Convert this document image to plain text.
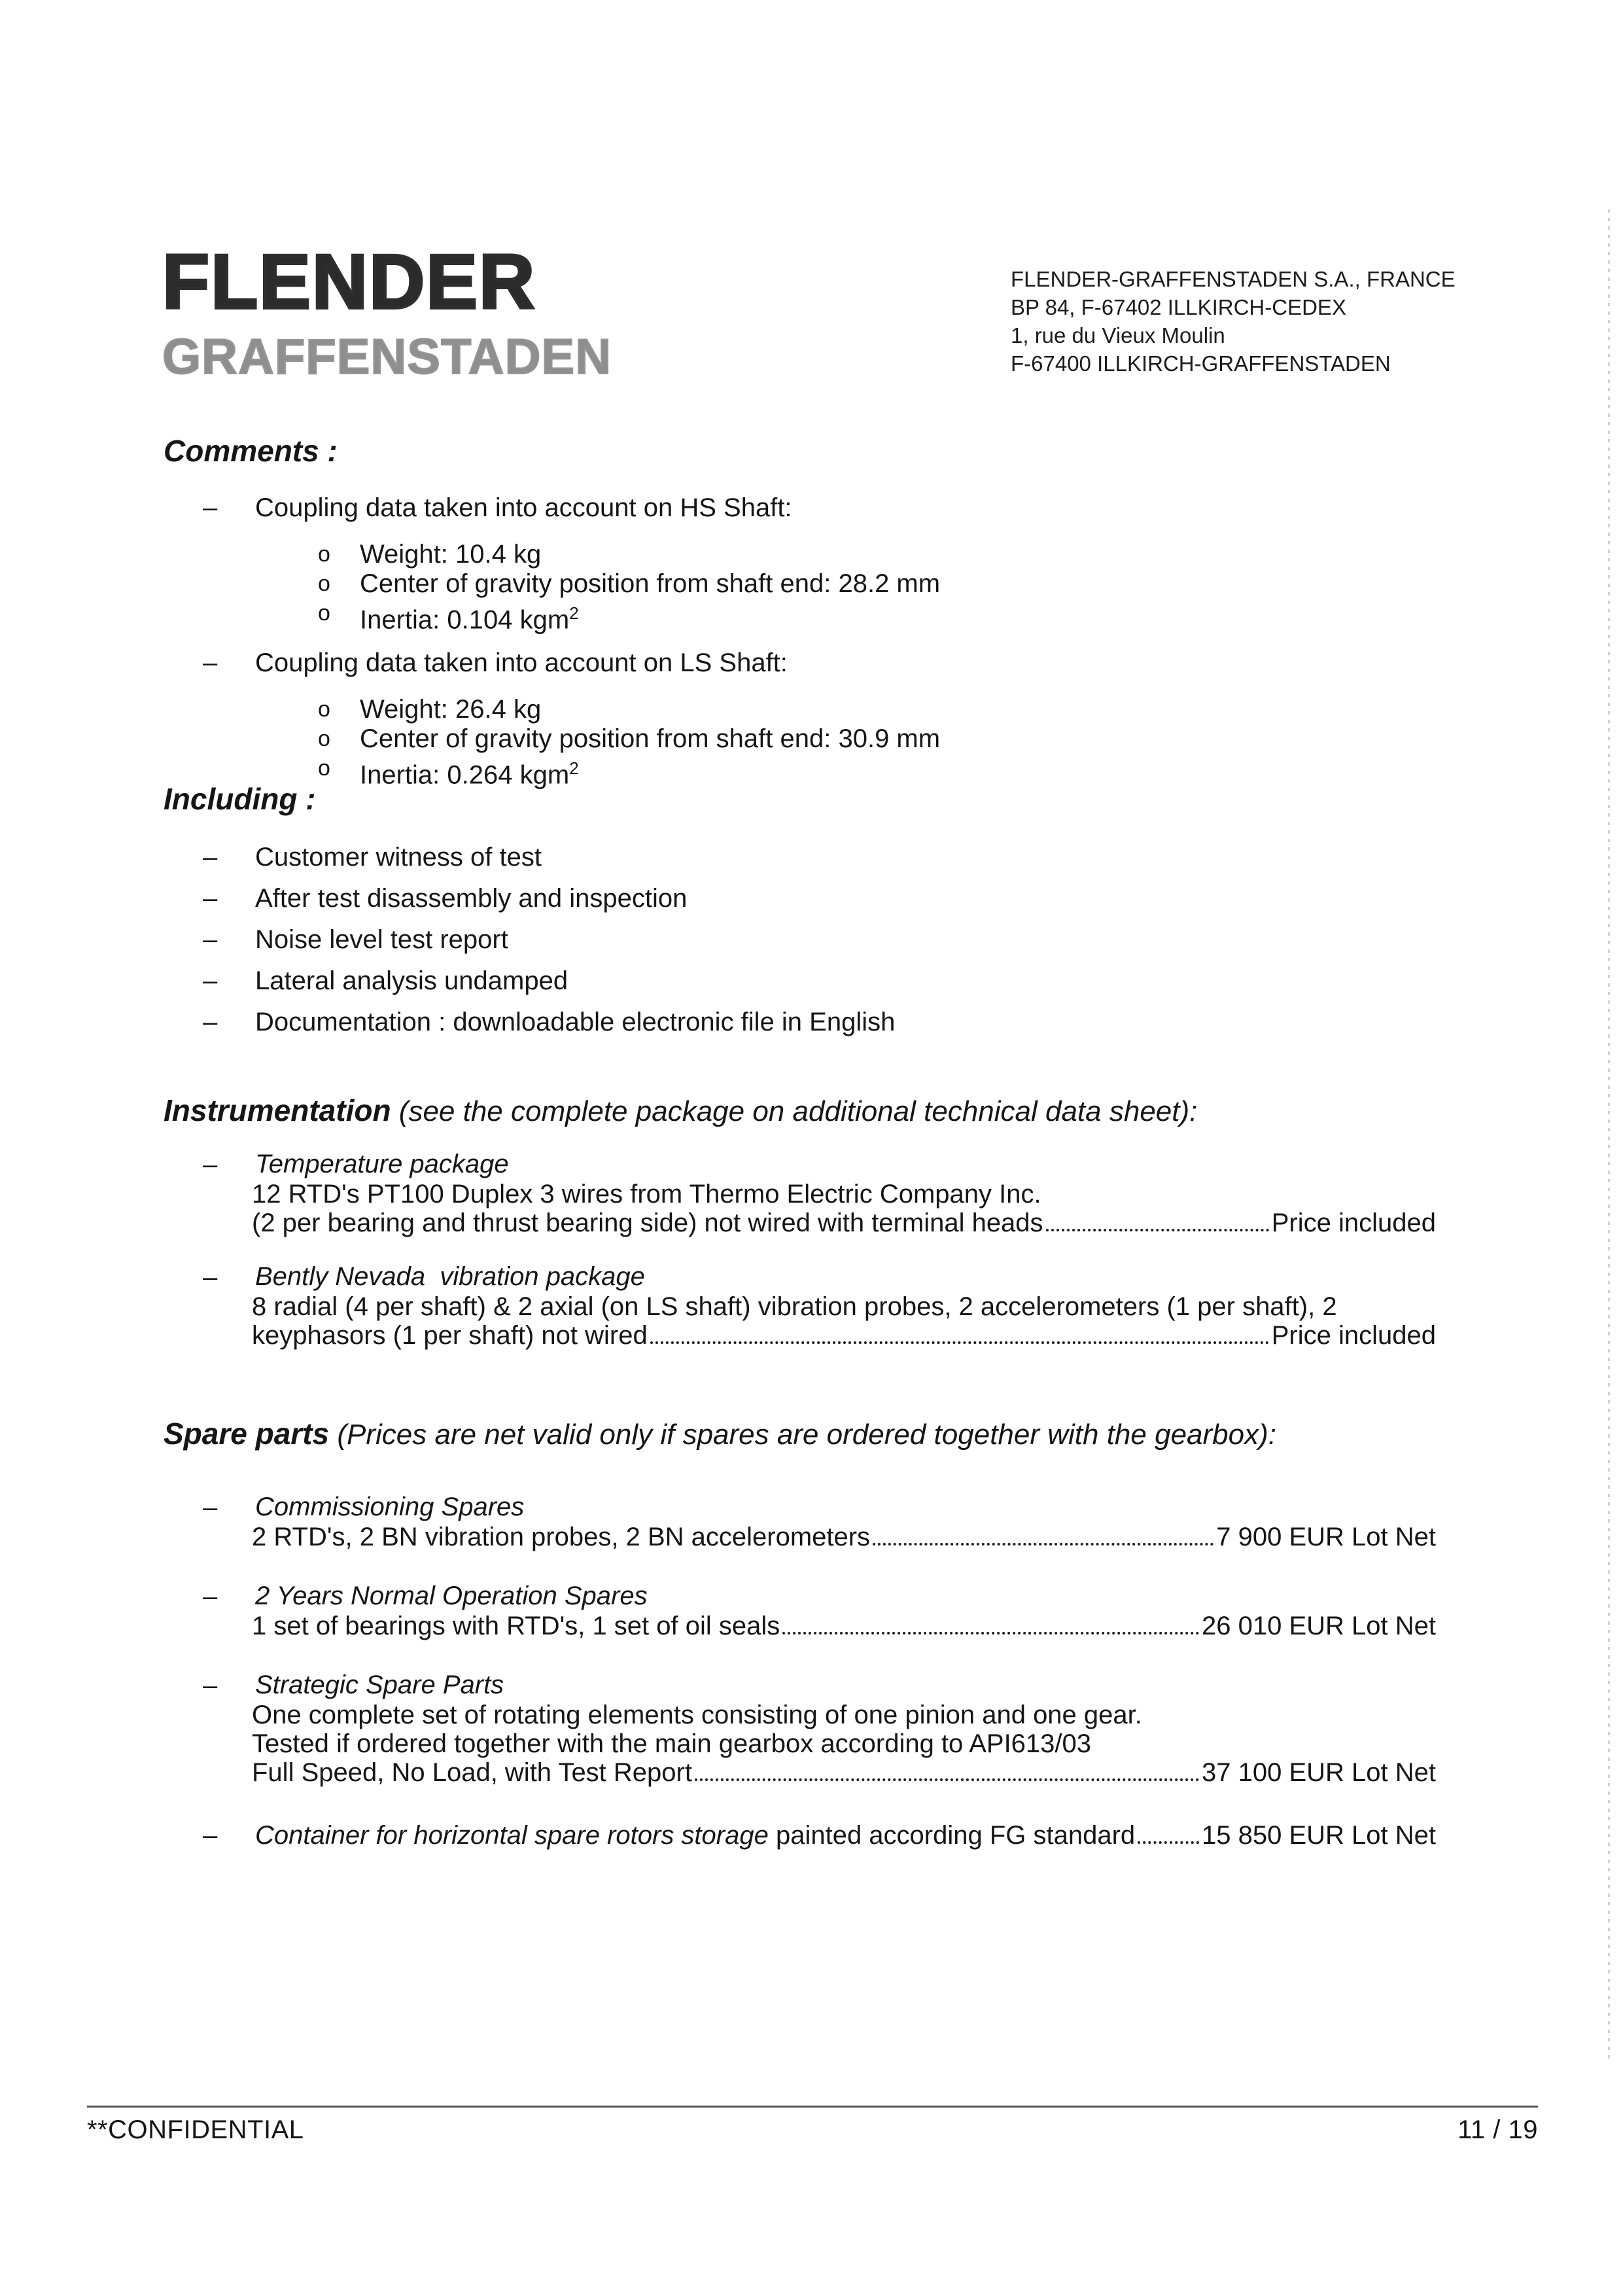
FLENDER
GRAFFENSTADEN
FLENDER-GRAFFENSTADEN S.A., FRANCE
BP 84, F-67402 ILLKIRCH-CEDEX
1, rue du Vieux Moulin
F-67400 ILLKIRCH-GRAFFENSTADEN
Comments :
–	Coupling data taken into account on HS Shaft:
o	Weight: 10.4 kg
o	Center of gravity position from shaft end: 28.2 mm
o	Inertia: 0.104 kgm$^2$
–	Coupling data taken into account on LS Shaft:
o	Weight: 26.4 kg
o	Center of gravity position from shaft end: 30.9 mm
o	Inertia: 0.264 kgm$^2$
Including :
–	Customer witness of test
–	After test disassembly and inspection
–	Noise level test report
–	Lateral analysis undamped
–	Documentation : downloadable electronic file in English
Instrumentation (see the complete package on additional technical data sheet):
–	Temperature package
12 RTD's PT100 Duplex 3 wires from Thermo Electric Company Inc.
(2 per bearing and thrust bearing side) not wired with terminal heads	Price included
–	Bently Nevada  vibration package
8 radial (4 per shaft) & 2 axial (on LS shaft) vibration probes, 2 accelerometers (1 per shaft), 2
keyphasors (1 per shaft) not wired	Price included
Spare parts (Prices are net valid only if spares are ordered together with the gearbox):
–	Commissioning Spares
2 RTD's, 2 BN vibration probes, 2 BN accelerometers	7 900 EUR Lot Net
–	2 Years Normal Operation Spares
1 set of bearings with RTD's, 1 set of oil seals	26 010 EUR Lot Net
–	Strategic Spare Parts
One complete set of rotating elements consisting of one pinion and one gear.
Tested if ordered together with the main gearbox according to API613/03
Full Speed, No Load, with Test Report	37 100 EUR Lot Net
–	Container for horizontal spare rotors storage painted according FG standard	15 850 EUR Lot Net
**CONFIDENTIAL	11 / 19
